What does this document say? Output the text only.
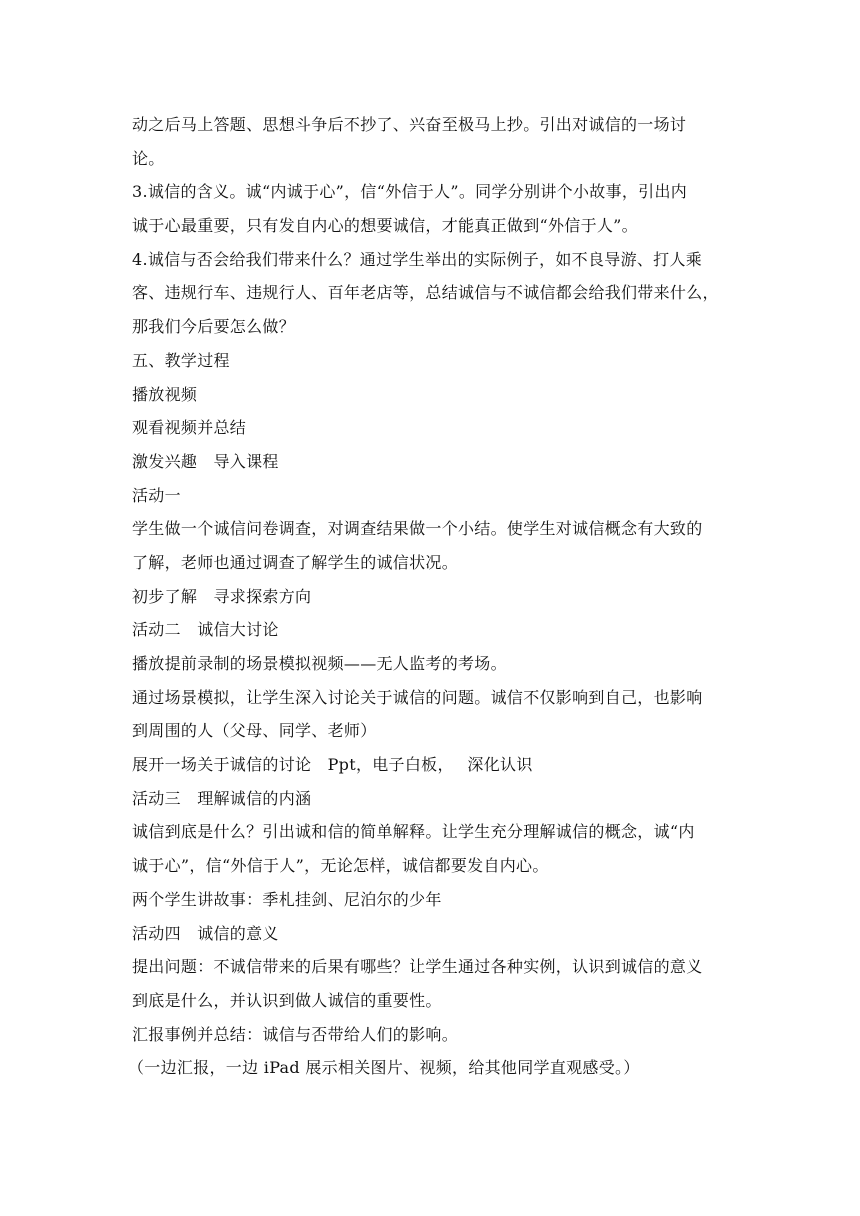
动之后马上答题、思想斗争后不抄了、兴奋至极马上抄。引出对诚信的一场讨
论。
3.诚信的含义。诚“内诚于心”，信“外信于人”。同学分别讲个小故事，引出内
诚于心最重要，只有发自内心的想要诚信，才能真正做到“外信于人”。
4.诚信与否会给我们带来什么？通过学生举出的实际例子，如不良导游、打人乘
客、违规行车、违规行人、百年老店等，总结诚信与不诚信都会给我们带来什么，
那我们今后要怎么做？
五、教学过程
播放视频
观看视频并总结
激发兴趣　导入课程
活动一
学生做一个诚信问卷调查，对调查结果做一个小结。使学生对诚信概念有大致的
了解，老师也通过调查了解学生的诚信状况。
初步了解　寻求探索方向
活动二　诚信大讨论
播放提前录制的场景模拟视频——无人监考的考场。
通过场景模拟，让学生深入讨论关于诚信的问题。诚信不仅影响到自己，也影响
到周围的人（父母、同学、老师）
展开一场关于诚信的讨论　Ppt，电子白板，　 深化认识
活动三　理解诚信的内涵
诚信到底是什么？引出诚和信的简单解释。让学生充分理解诚信的概念，诚“内
诚于心”，信“外信于人”，无论怎样，诚信都要发自内心。
两个学生讲故事：季札挂剑、尼泊尔的少年
活动四　诚信的意义
提出问题：不诚信带来的后果有哪些？让学生通过各种实例，认识到诚信的意义
到底是什么，并认识到做人诚信的重要性。
汇报事例并总结：诚信与否带给人们的影响。
（一边汇报，一边 iPad 展示相关图片、视频，给其他同学直观感受。）
